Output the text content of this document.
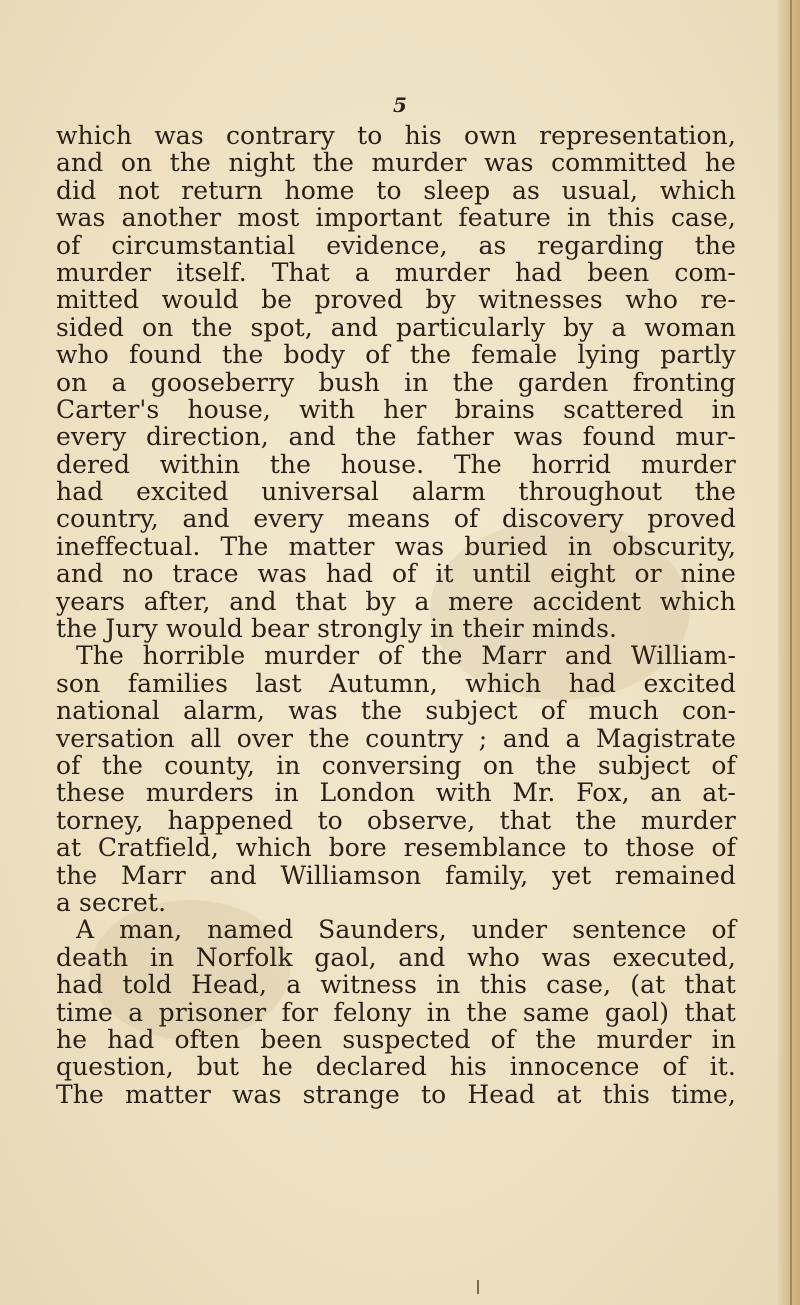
5
which was contrary to his own representation,
and on the night the murder was committed he
did not return home to sleep as usual, which
was another most important feature in this case,
of circumstantial evidence, as regarding the
murder itself. That a murder had been com-
mitted would be proved by witnesses who re-
sided on the spot, and particularly by a woman
who found the body of the female lying partly
on a gooseberry bush in the garden fronting
Carter's house, with her brains scattered in
every direction, and the father was found mur-
dered within the house. The horrid murder
had excited universal alarm throughout the
country, and every means of discovery proved
ineffectual. The matter was buried in obscurity,
and no trace was had of it until eight or nine
years after, and that by a mere accident which
the Jury would bear strongly in their minds.
The horrible murder of the Marr and William-
son families last Autumn, which had excited
national alarm, was the subject of much con-
versation all over the country ; and a Magistrate
of the county, in conversing on the subject of
these murders in London with Mr. Fox, an at-
torney, happened to observe, that the murder
at Cratfield, which bore resemblance to those of
the Marr and Williamson family, yet remained
a secret.
A man, named Saunders, under sentence of
death in Norfolk gaol, and who was executed,
had told Head, a witness in this case, (at that
time a prisoner for felony in the same gaol) that
he had often been suspected of the murder in
question, but he declared his innocence of it.
The matter was strange to Head at this time,
